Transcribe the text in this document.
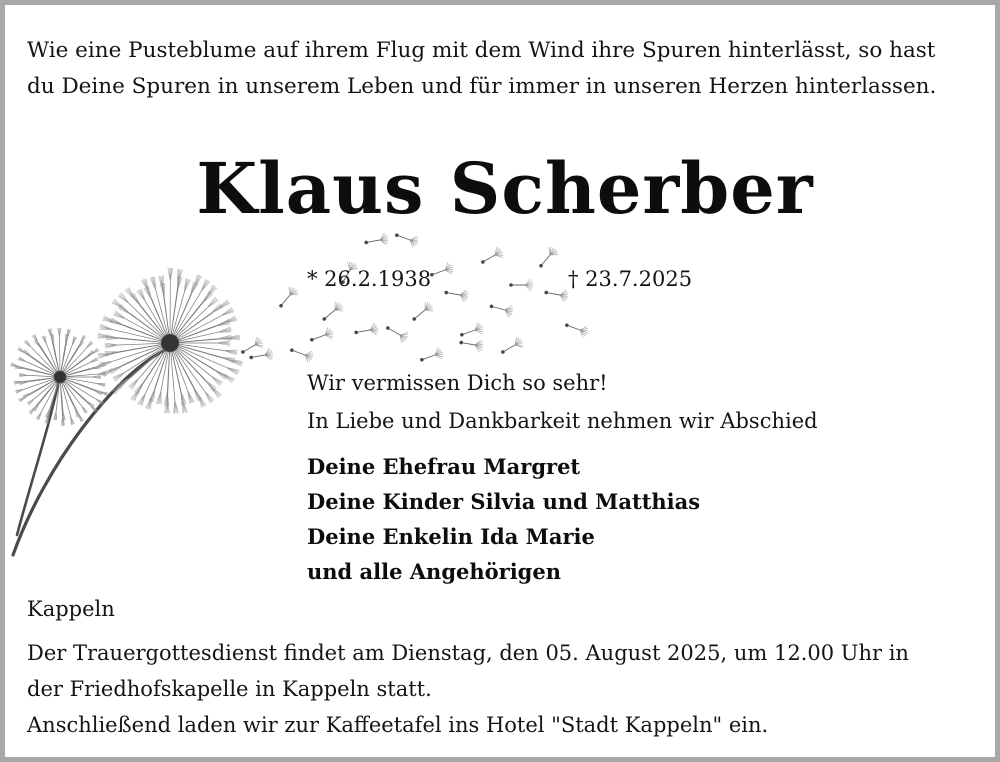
Wie eine Pusteblume auf ihrem Flug mit dem Wind ihre Spuren hinterlässt, so hast
du Deine Spuren in unserem Leben und für immer in unseren Herzen hinterlassen.
Klaus Scherber
* 26.2.1938	† 23.7.2025
Wir vermissen Dich so sehr!
In Liebe und Dankbarkeit nehmen wir Abschied
Deine Ehefrau Margret
Deine Kinder Silvia und Matthias
Deine Enkelin Ida Marie
und alle Angehörigen
Kappeln
Der Trauergottesdienst findet am Dienstag, den 05. August 2025, um 12.00 Uhr in
der Friedhofskapelle in Kappeln statt.
Anschließend laden wir zur Kaffeetafel ins Hotel "Stadt Kappeln" ein.
